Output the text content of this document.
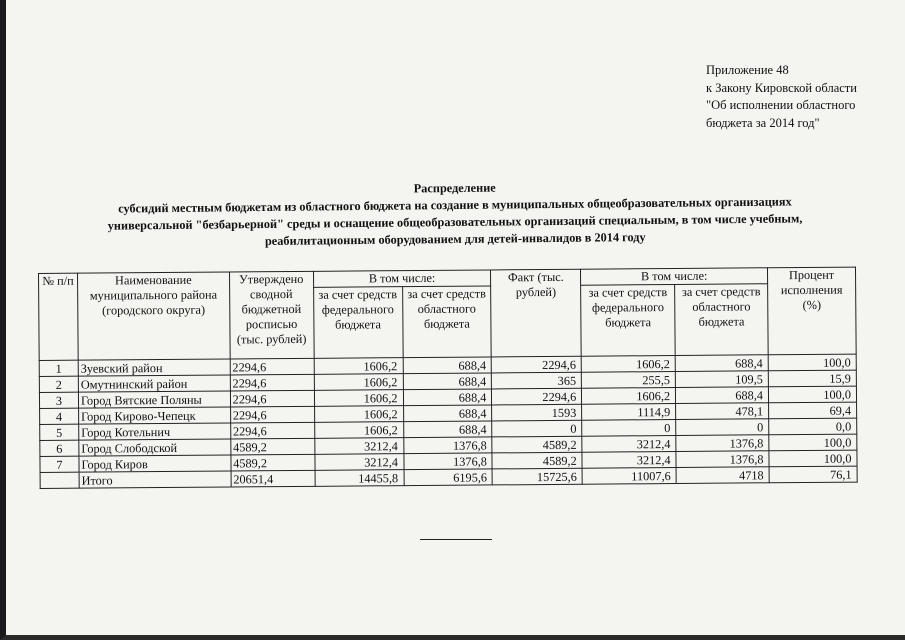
Приложение 48
к Закону Кировской области
"Об исполнении областного
бюджета за 2014 год"
Распределение
субсидий местным бюджетам из областного бюджета на создание в муниципальных общеобразовательных организациях
универсальной "безбарьерной" среды и оснащение общеобразовательных организаций специальным, в том числе учебным,
реабилитационным оборудованием для детей-инвалидов в 2014 году
№ п/п	Наименование муниципального района (городского округа)	Утверждено сводной бюджетной росписью (тыс. рублей)	В том числе:		Факт (тыс. рублей)	В том числе:		Процент исполнения (%)
			за счет средств федерального бюджета	за счет средств областного бюджета		за счет средств федерального бюджета	за счет средств областного бюджета	
1	Зуевский район	2294,6	1606,2	688,4	2294,6	1606,2	688,4	100,0
2	Омутнинский район	2294,6	1606,2	688,4	365	255,5	109,5	15,9
3	Город Вятские Поляны	2294,6	1606,2	688,4	2294,6	1606,2	688,4	100,0
4	Город Кирово-Чепецк	2294,6	1606,2	688,4	1593	1114,9	478,1	69,4
5	Город Котельнич	2294,6	1606,2	688,4	0	0	0	0,0
6	Город Слободской	4589,2	3212,4	1376,8	4589,2	3212,4	1376,8	100,0
7	Город Киров	4589,2	3212,4	1376,8	4589,2	3212,4	1376,8	100,0
	Итого	20651,4	14455,8	6195,6	15725,6	11007,6	4718	76,1
